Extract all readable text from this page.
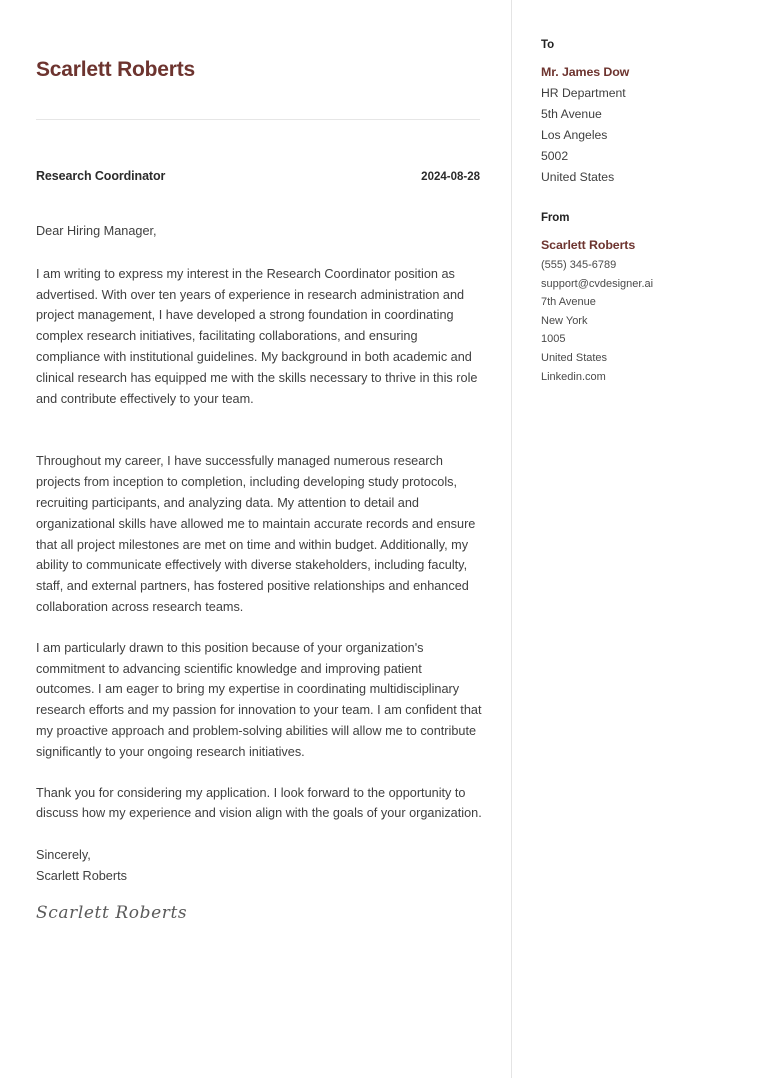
Scarlett Roberts
Research Coordinator	2024-08-28
Dear Hiring Manager,

I am writing to express my interest in the Research Coordinator position as advertised. With over ten years of experience in research administration and project management, I have developed a strong foundation in coordinating complex research initiatives, facilitating collaborations, and ensuring compliance with institutional guidelines. My background in both academic and clinical research has equipped me with the skills necessary to thrive in this role and contribute effectively to your team.

Throughout my career, I have successfully managed numerous research projects from inception to completion, including developing study protocols, recruiting participants, and analyzing data. My attention to detail and organizational skills have allowed me to maintain accurate records and ensure that all project milestones are met on time and within budget. Additionally, my ability to communicate effectively with diverse stakeholders, including faculty, staff, and external partners, has fostered positive relationships and enhanced collaboration across research teams.

I am particularly drawn to this position because of your organization's commitment to advancing scientific knowledge and improving patient outcomes. I am eager to bring my expertise in coordinating multidisciplinary research efforts and my passion for innovation to your team. I am confident that my proactive approach and problem-solving abilities will allow me to contribute significantly to your ongoing research initiatives.

Thank you for considering my application. I look forward to the opportunity to discuss how my experience and vision align with the goals of your organization.

Sincerely,
Scarlett Roberts
Scarlett Roberts
To
Mr. James Dow
HR Department
5th Avenue
Los Angeles
5002
United States
From
Scarlett Roberts
(555) 345-6789
support@cvdesigner.ai
7th Avenue
New York
1005
United States
Linkedin.com
